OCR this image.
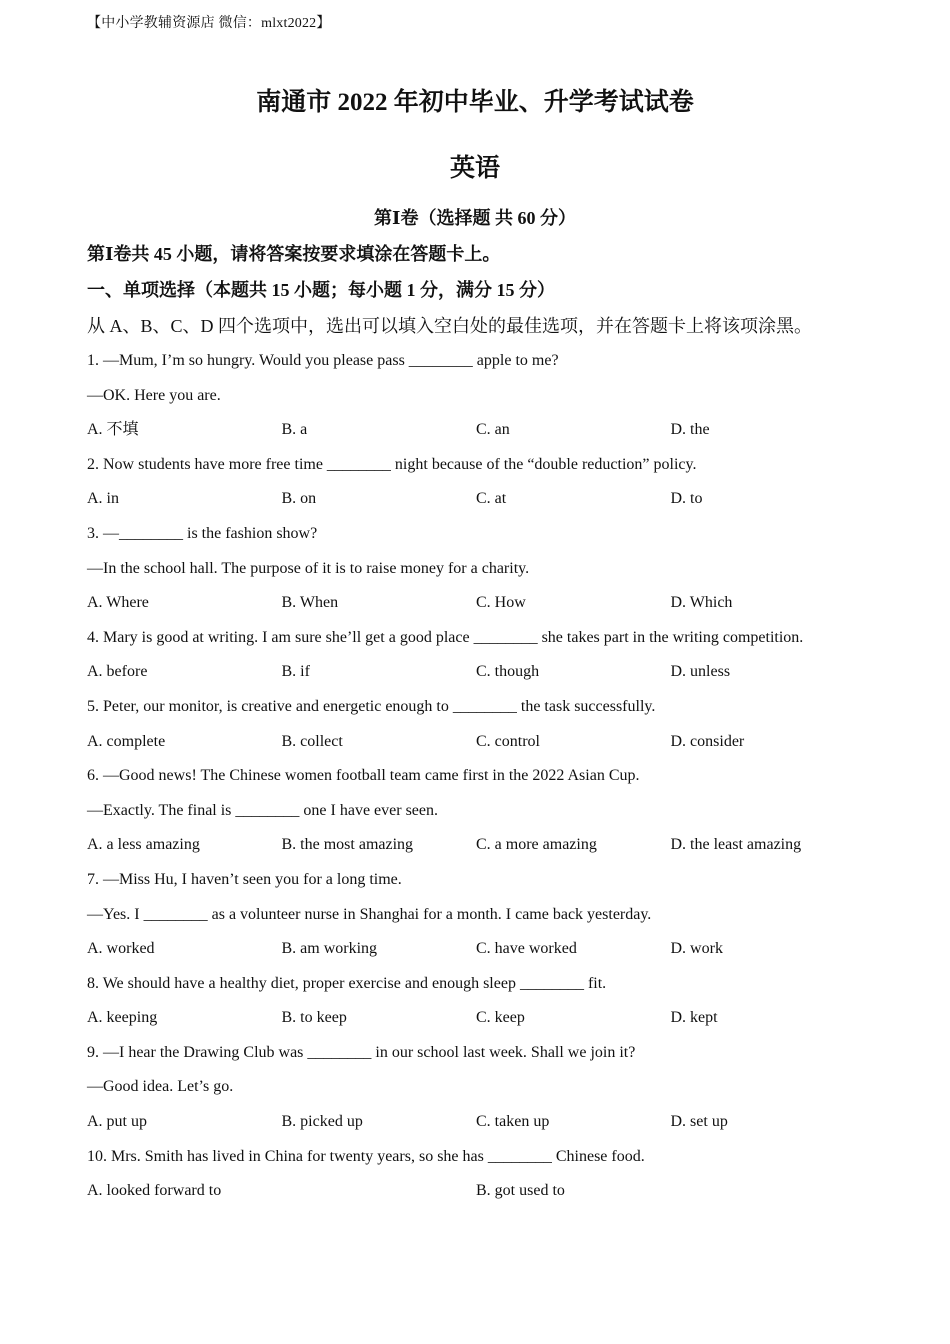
【中小学教辅资源店 微信：mlxt2022】
南通市 2022 年初中毕业、升学考试试卷
英语
第Ⅰ卷（选择题 共 60 分）
第Ⅰ卷共 45 小题，请将答案按要求填涂在答题卡上。
一、单项选择（本题共 15 小题；每小题 1 分，满分 15 分）
从 A、B、C、D 四个选项中，选出可以填入空白处的最佳选项，并在答题卡上将该项涂黑。
1. —Mum, I’m so hungry. Would you please pass ________ apple to me?
—OK. Here you are.
A. 不填	B. a	C. an	D. the
2. Now students have more free time ________ night because of the “double reduction” policy.
A. in	B. on	C. at	D. to
3. —________ is the fashion show?
—In the school hall. The purpose of it is to raise money for a charity.
A. Where	B. When	C. How	D. Which
4. Mary is good at writing. I am sure she’ll get a good place ________ she takes part in the writing competition.
A. before	B. if	C. though	D. unless
5. Peter, our monitor, is creative and energetic enough to ________ the task successfully.
A. complete	B. collect	C. control	D. consider
6. —Good news! The Chinese women football team came first in the 2022 Asian Cup.
—Exactly. The final is ________ one I have ever seen.
A. a less amazing	B. the most amazing	C. a more amazing	D. the least amazing
7. —Miss Hu, I haven’t seen you for a long time.
—Yes. I ________ as a volunteer nurse in Shanghai for a month. I came back yesterday.
A. worked	B. am working	C. have worked	D. work
8. We should have a healthy diet, proper exercise and enough sleep ________ fit.
A. keeping	B. to keep	C. keep	D. kept
9. —I hear the Drawing Club was ________ in our school last week. Shall we join it?
—Good idea. Let’s go.
A. put up	B. picked up	C. taken up	D. set up
10. Mrs. Smith has lived in China for twenty years, so she has ________ Chinese food.
A. looked forward to	B. got used to
